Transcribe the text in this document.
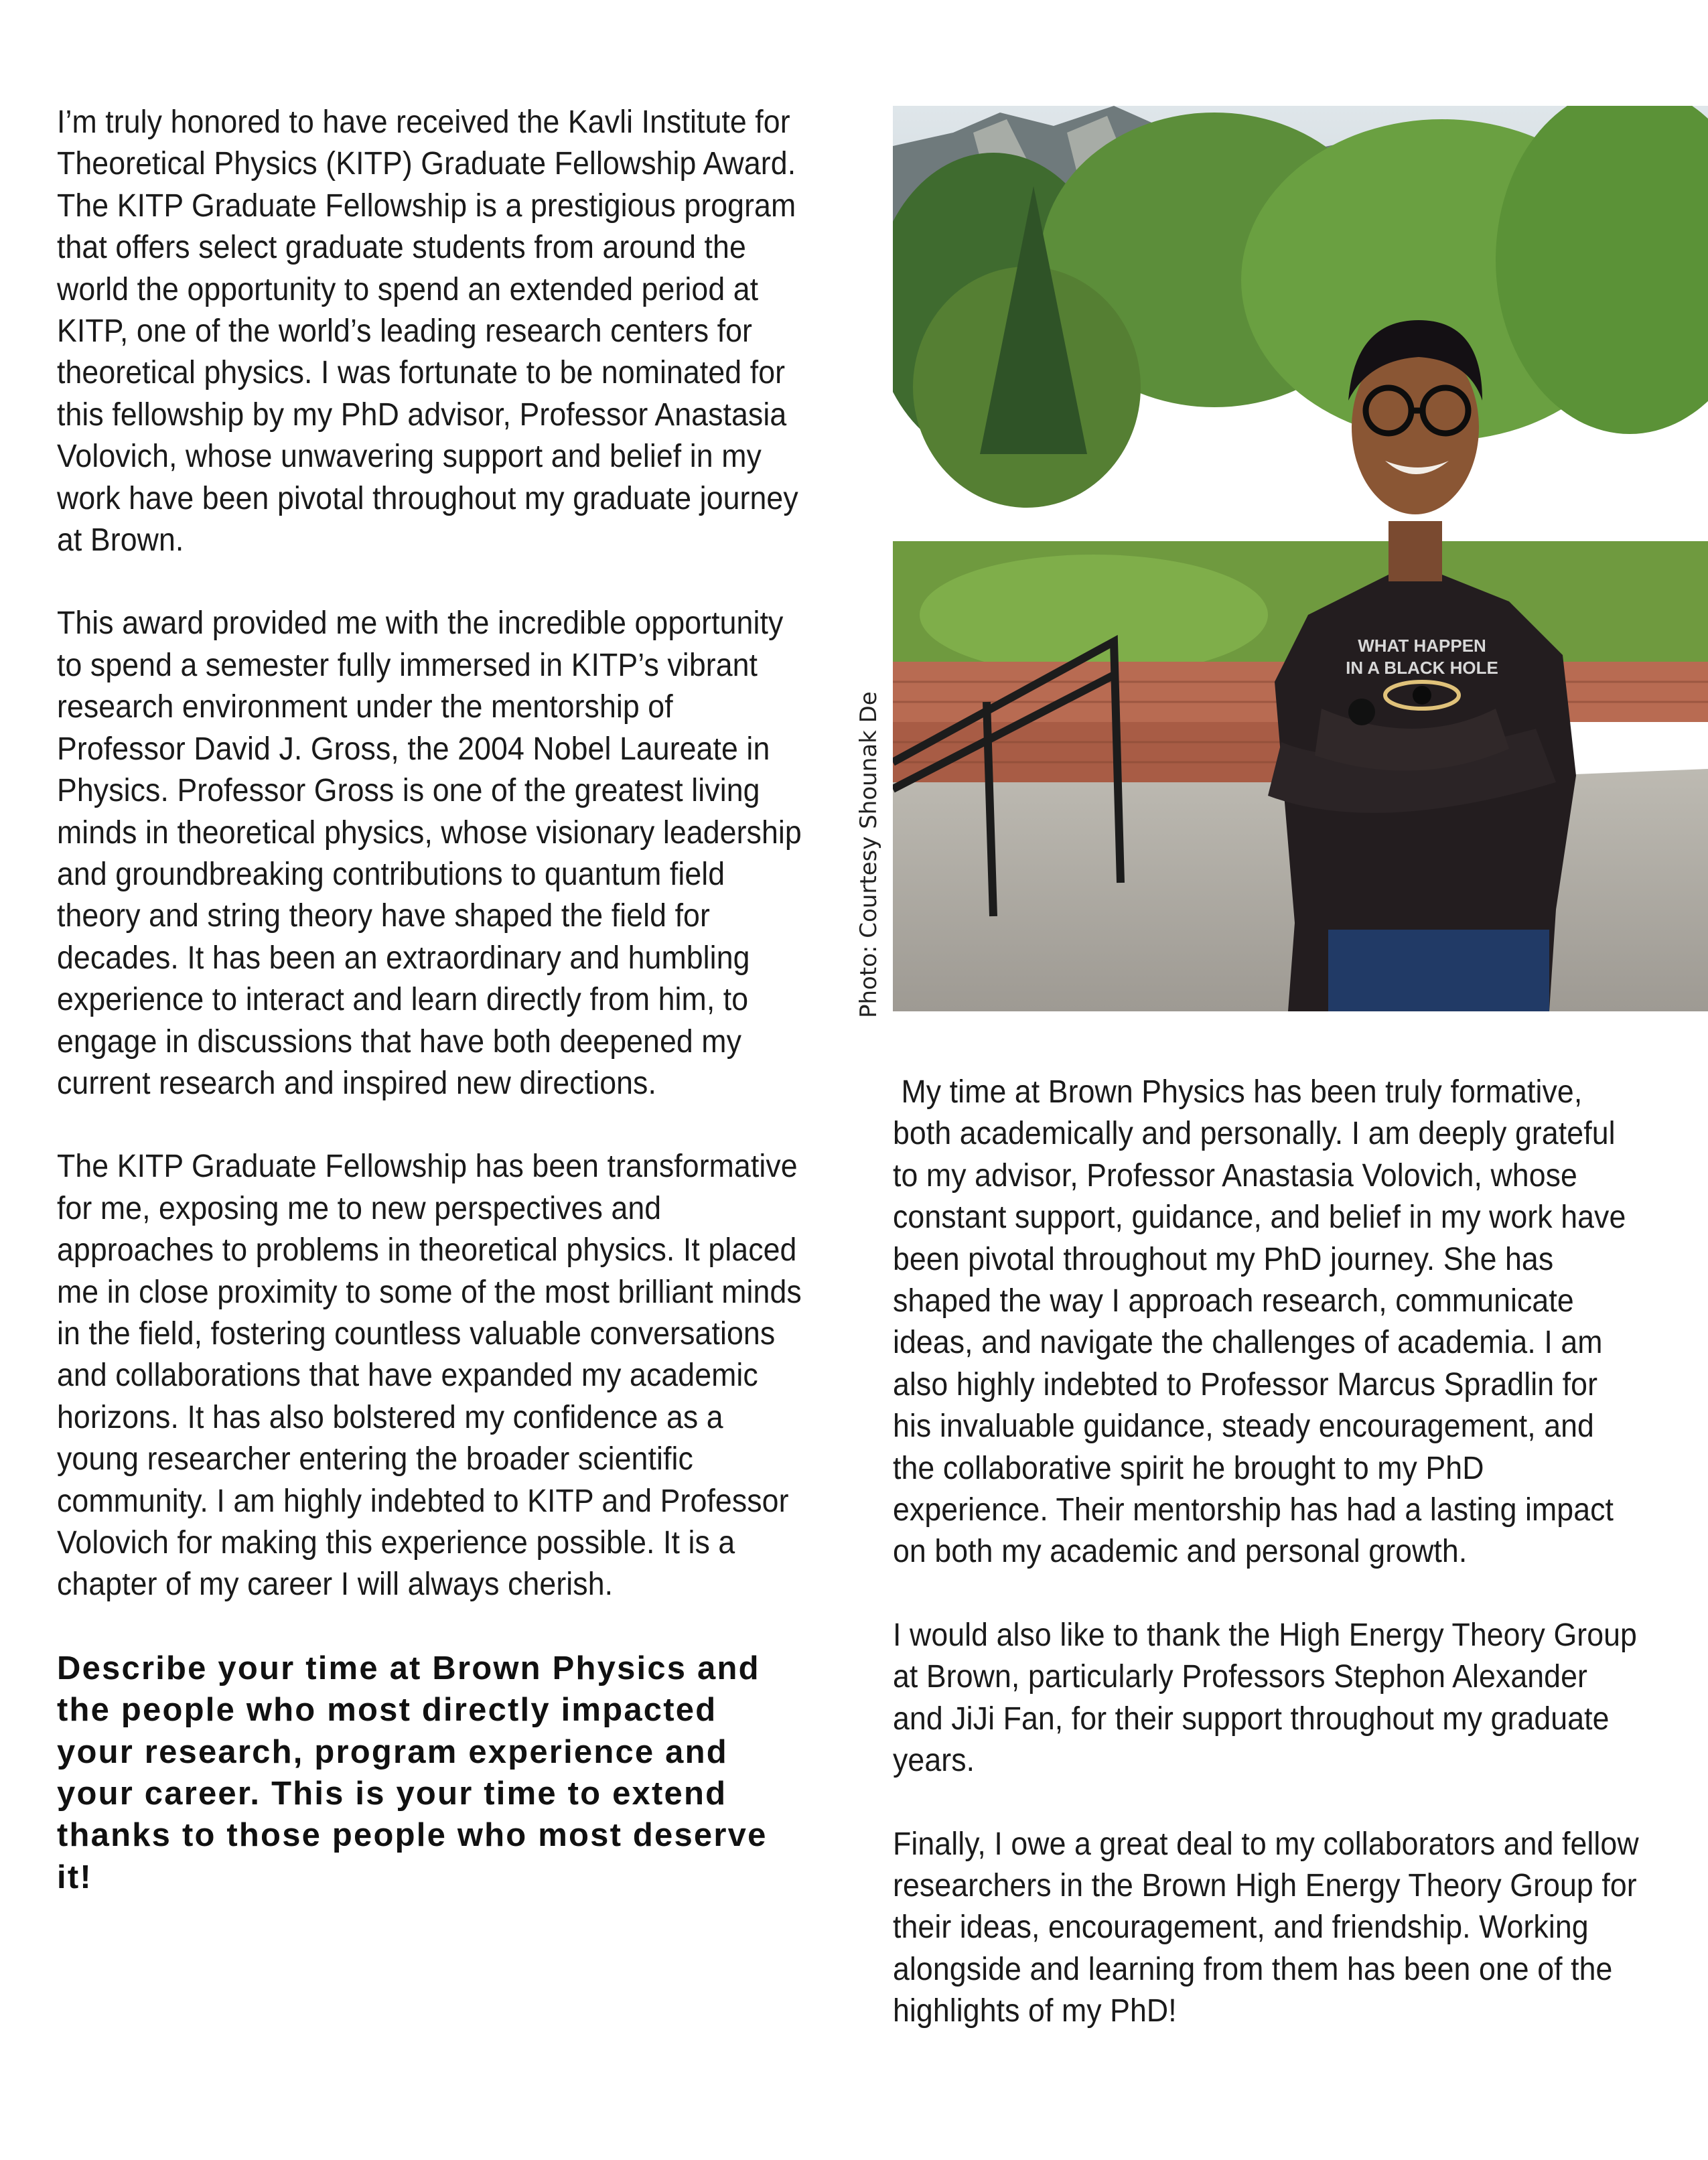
I’m truly honored to have received the Kavli Institute for Theoretical Physics (KITP) Graduate Fellowship Award. The KITP Graduate Fellowship is a prestigious program that offers select graduate students from around the world the opportunity to spend an extended period at KITP, one of the world’s leading research centers for theoretical physics. I was fortunate to be nominated for this fellowship by my PhD advisor, Professor Anastasia Volovich, whose unwavering support and belief in my work have been pivotal throughout my graduate journey at Brown.

This award provided me with the incredible opportunity to spend a semester fully immersed in KITP’s vibrant research environment under the mentorship of Professor David J. Gross, the 2004 Nobel Laureate in Physics. Professor Gross is one of the greatest living minds in theoretical physics, whose visionary leadership and groundbreaking contributions to quantum field theory and string theory have shaped the field for decades. It has been an extraordinary and humbling experience to interact and learn directly from him, to engage in discussions that have both deepened my current research and inspired new directions.

The KITP Graduate Fellowship has been transformative for me, exposing me to new perspectives and approaches to problems in theoretical physics. It placed me in close proximity to some of the most brilliant minds in the field, fostering countless valuable conversations and collaborations that have expanded my academic horizons. It has also bolstered my confidence as a young researcher entering the broader scientific community. I am highly indebted to KITP and Professor Volovich for making this experience possible. It is a chapter of my career I will always cherish.

Describe your time at Brown Physics and the people who most directly impacted your research, program experience and your career. This is your time to extend thanks to those people who most deserve it!

WHAT HAPPEN
IN A BLACK HOLE
Photo: Courtesy Shounak De

My time at Brown Physics has been truly formative, both academically and personally. I am deeply grateful to my advisor, Professor Anastasia Volovich, whose constant support, guidance, and belief in my work have been pivotal throughout my PhD journey. She has shaped the way I approach research, communicate ideas, and navigate the challenges of academia. I am also highly indebted to Professor Marcus Spradlin for his invaluable guidance, steady encouragement, and the collaborative spirit he brought to my PhD experience. Their mentorship has had a lasting impact on both my academic and personal growth.

I would also like to thank the High Energy Theory Group at Brown, particularly Professors Stephon Alexander and JiJi Fan, for their support throughout my graduate years.

Finally, I owe a great deal to my collaborators and fellow researchers in the Brown High Energy Theory Group for their ideas, encouragement, and friendship. Working alongside and learning from them has been one of the highlights of my PhD!
